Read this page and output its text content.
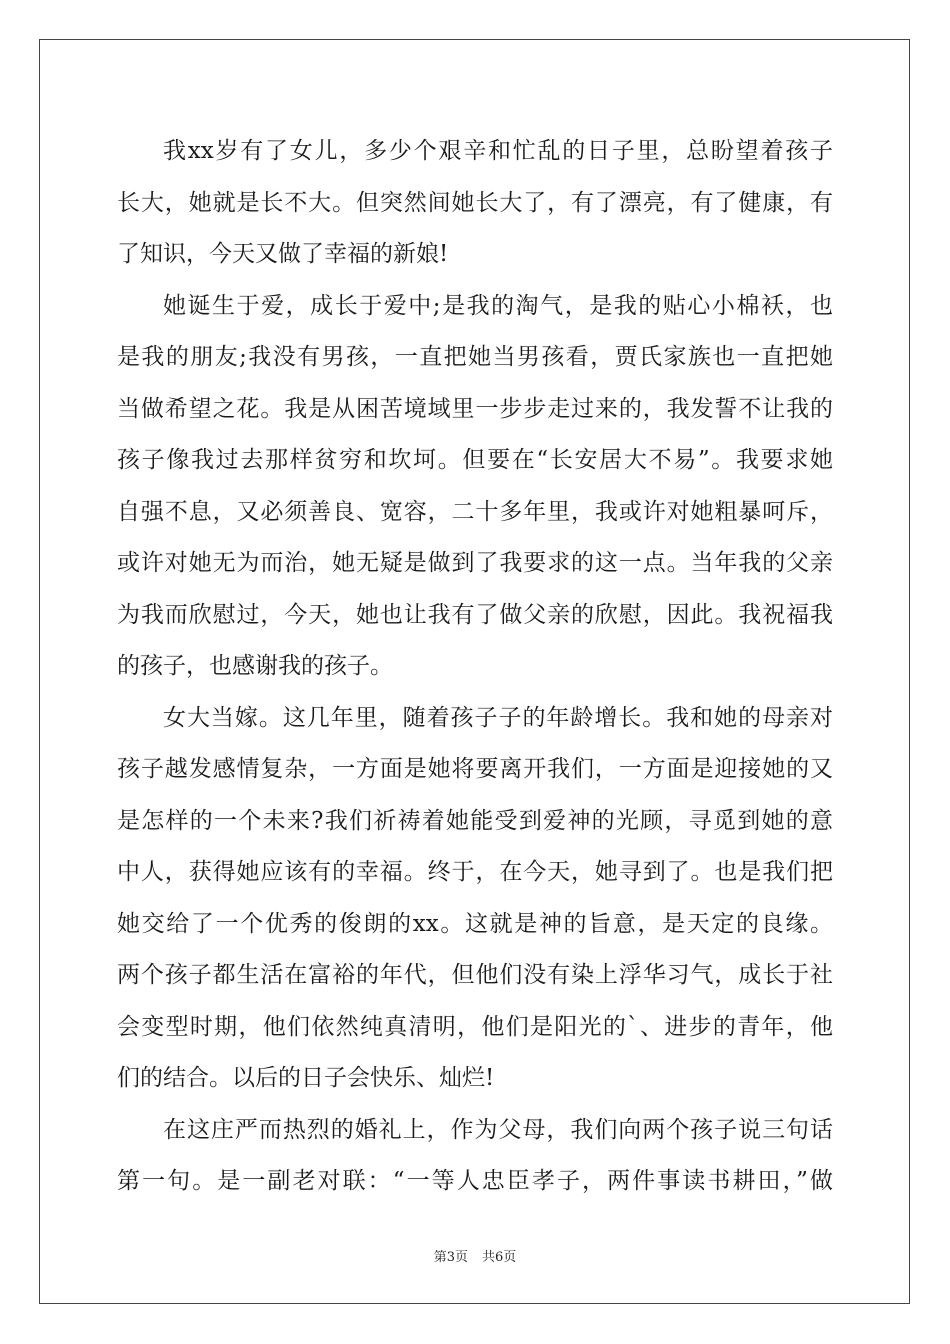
我xx岁有了女儿，多少个艰辛和忙乱的日子里，总盼望着孩子
长大，她就是长不大。但突然间她长大了，有了漂亮，有了健康，有
了知识，今天又做了幸福的新娘!
她诞生于爱，成长于爱中;是我的淘气，是我的贴心小棉袄，也
是我的朋友;我没有男孩，一直把她当男孩看，贾氏家族也一直把她
当做希望之花。我是从困苦境域里一步步走过来的，我发誓不让我的
孩子像我过去那样贫穷和坎坷。但要在“长安居大不易”。我要求她
自强不息，又必须善良、宽容，二十多年里，我或许对她粗暴呵斥，
或许对她无为而治，她无疑是做到了我要求的这一点。当年我的父亲
为我而欣慰过，今天，她也让我有了做父亲的欣慰，因此。我祝福我
的孩子，也感谢我的孩子。
女大当嫁。这几年里，随着孩子子的年龄增长。我和她的母亲对
孩子越发感情复杂，一方面是她将要离开我们，一方面是迎接她的又
是怎样的一个未来?我们祈祷着她能受到爱神的光顾，寻觅到她的意
中人，获得她应该有的幸福。终于，在今天，她寻到了。也是我们把
她交给了一个优秀的俊朗的xx。这就是神的旨意，是天定的良缘。
两个孩子都生活在富裕的年代，但他们没有染上浮华习气，成长于社
会变型时期，他们依然纯真清明，他们是阳光的`、进步的青年，他
们的结合。以后的日子会快乐、灿烂!
在这庄严而热烈的婚礼上，作为父母，我们向两个孩子说三句话
第一句。是一副老对联：“一等人忠臣孝子，两件事读书耕田，”做
第3页 共6页
